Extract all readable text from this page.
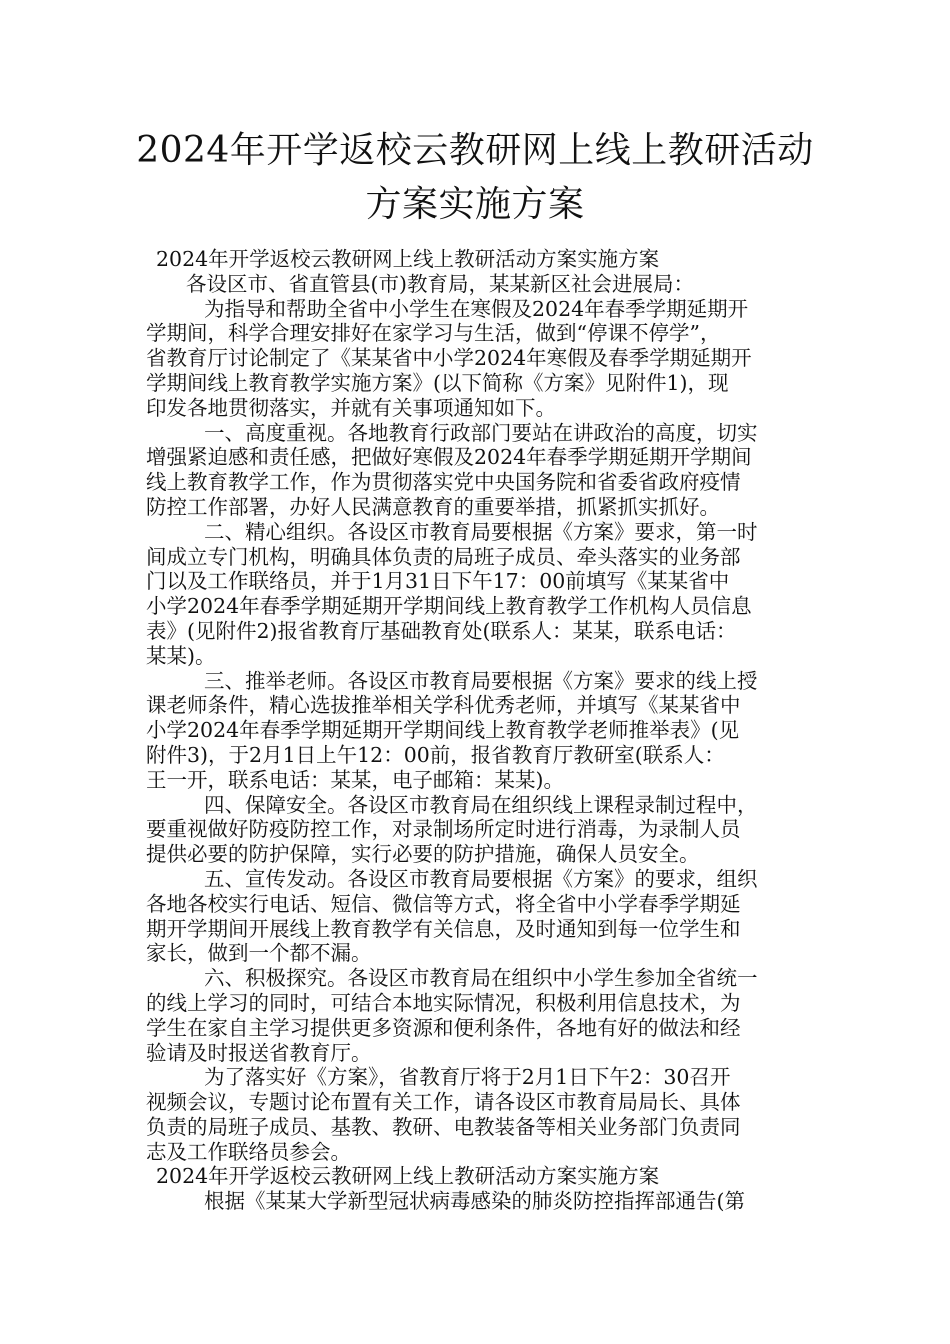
2024年开学返校云教研网上线上教研活动
方案实施方案

2024年开学返校云教研网上线上教研活动方案实施方案

各设区市、省直管县(市)教育局，某某新区社会进展局：

为指导和帮助全省中小学生在寒假及2024年春季学期延期开

学期间，科学合理安排好在家学习与生活，做到“停课不停学”，

省教育厅讨论制定了《某某省中小学2024年寒假及春季学期延期开

学期间线上教育教学实施方案》(以下简称《方案》见附件1)，现

印发各地贯彻落实，并就有关事项通知如下。

一、高度重视。各地教育行政部门要站在讲政治的高度，切实

增强紧迫感和责任感，把做好寒假及2024年春季学期延期开学期间

线上教育教学工作，作为贯彻落实党中央国务院和省委省政府疫情

防控工作部署，办好人民满意教育的重要举措，抓紧抓实抓好。

二、精心组织。各设区市教育局要根据《方案》要求，第一时

间成立专门机构，明确具体负责的局班子成员、牵头落实的业务部

门以及工作联络员，并于1月31日下午17：00前填写《某某省中

小学2024年春季学期延期开学期间线上教育教学工作机构人员信息

表》(见附件2)报省教育厅基础教育处(联系人：某某，联系电话：

某某)。

三、推举老师。各设区市教育局要根据《方案》要求的线上授

课老师条件，精心选拔推举相关学科优秀老师，并填写《某某省中

小学2024年春季学期延期开学期间线上教育教学老师推举表》(见

附件3)，于2月1日上午12：00前，报省教育厅教研室(联系人：

王一开，联系电话：某某，电子邮箱：某某)。

四、保障安全。各设区市教育局在组织线上课程录制过程中，

要重视做好防疫防控工作，对录制场所定时进行消毒，为录制人员

提供必要的防护保障，实行必要的防护措施，确保人员安全。

五、宣传发动。各设区市教育局要根据《方案》的要求，组织

各地各校实行电话、短信、微信等方式，将全省中小学春季学期延

期开学期间开展线上教育教学有关信息，及时通知到每一位学生和

家长，做到一个都不漏。

六、积极探究。各设区市教育局在组织中小学生参加全省统一

的线上学习的同时，可结合本地实际情况，积极利用信息技术，为

学生在家自主学习提供更多资源和便利条件，各地有好的做法和经

验请及时报送省教育厅。

为了落实好《方案》，省教育厅将于2月1日下午2：30召开

视频会议，专题讨论布置有关工作，请各设区市教育局局长、具体

负责的局班子成员、基教、教研、电教装备等相关业务部门负责同

志及工作联络员参会。

2024年开学返校云教研网上线上教研活动方案实施方案

根据《某某大学新型冠状病毒感染的肺炎防控指挥部通告(第
